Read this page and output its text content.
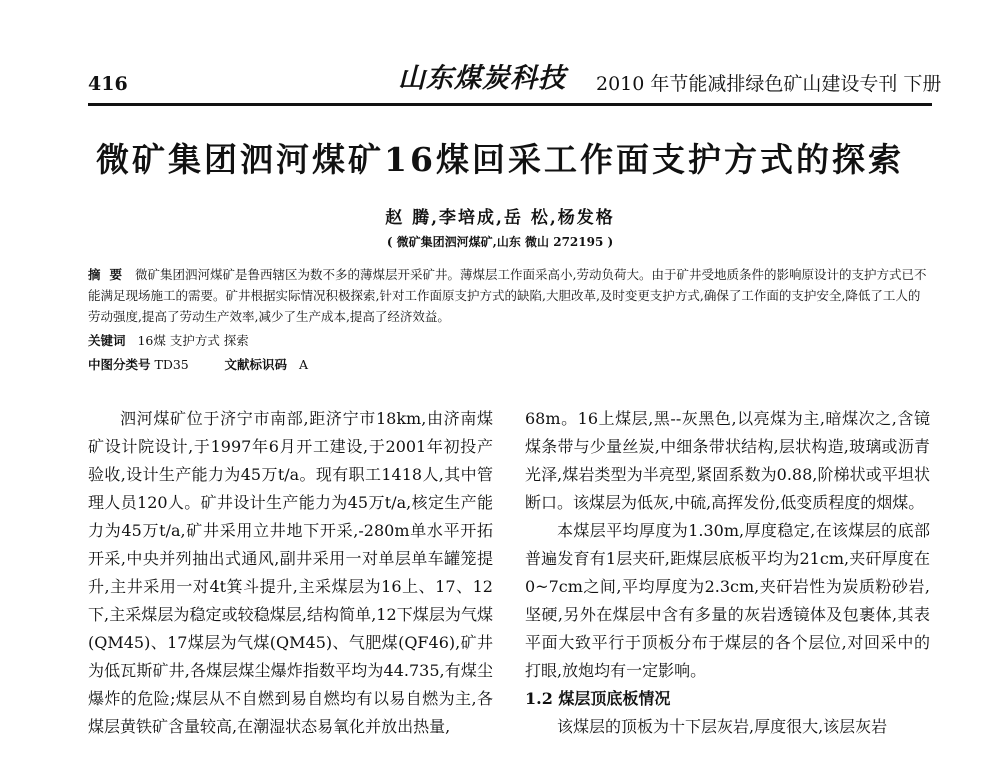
416	山东煤炭科技 2010 年节能减排绿色矿山建设专刊 下册
微矿集团泗河煤矿16煤回采工作面支护方式的探索
赵 腾,李培成,岳 松,杨发格
( 微矿集团泗河煤矿,山东 微山 272195 )
摘要 微矿集团泗河煤矿是鲁西辖区为数不多的薄煤层开采矿井。薄煤层工作面采高小,劳动负荷大。由于矿井受地质条件的影响原设计的支护方式已不能满足现场施工的需要。矿井根据实际情况积极探索,针对工作面原支护方式的缺陷,大胆改革,及时变更支护方式,确保了工作面的支护安全,降低了工人的劳动强度,提高了劳动生产效率,减少了生产成本,提高了经济效益。
关键词 16煤 支护方式 探索
中图分类号 TD35	文献标识码 A

泗河煤矿位于济宁市南部,距济宁市18km,由济南煤矿设计院设计,于1997年6月开工建设,于2001年初投产验收,设计生产能力为45万t/a。现有职工1418人,其中管理人员120人。矿井设计生产能力为45万t/a,核定生产能力为45万t/a,矿井采用立井地下开采,-280m单水平开拓开采,中央并列抽出式通风,副井采用一对单层单车罐笼提升,主井采用一对4t箕斗提升,主采煤层为16上、17、12下,主采煤层为稳定或较稳煤层,结构简单,12下煤层为气煤(QM45)、17煤层为气煤(QM45)、气肥煤(QF46),矿井为低瓦斯矿井,各煤层煤尘爆炸指数平均为44.735,有煤尘爆炸的危险;煤层从不自燃到易自燃均有以易自燃为主,各煤层黄铁矿含量较高,在潮湿状态易氧化并放出热量,

68m。16上煤层,黑--灰黑色,以亮煤为主,暗煤次之,含镜煤条带与少量丝炭,中细条带状结构,层状构造,玻璃或沥青光泽,煤岩类型为半亮型,紧固系数为0.88,阶梯状或平坦状断口。该煤层为低灰,中硫,高挥发份,低变质程度的烟煤。

本煤层平均厚度为1.30m,厚度稳定,在该煤层的底部普遍发育有1层夹矸,距煤层底板平均为21cm,夹矸厚度在0~7cm之间,平均厚度为2.3cm,夹矸岩性为炭质粉砂岩,坚硬,另外在煤层中含有多量的灰岩透镜体及包裹体,其表平面大致平行于顶板分布于煤层的各个层位,对回采中的打眼,放炮均有一定影响。

1.2 煤层顶底板情况

该煤层的顶板为十下层灰岩,厚度很大,该层灰岩
